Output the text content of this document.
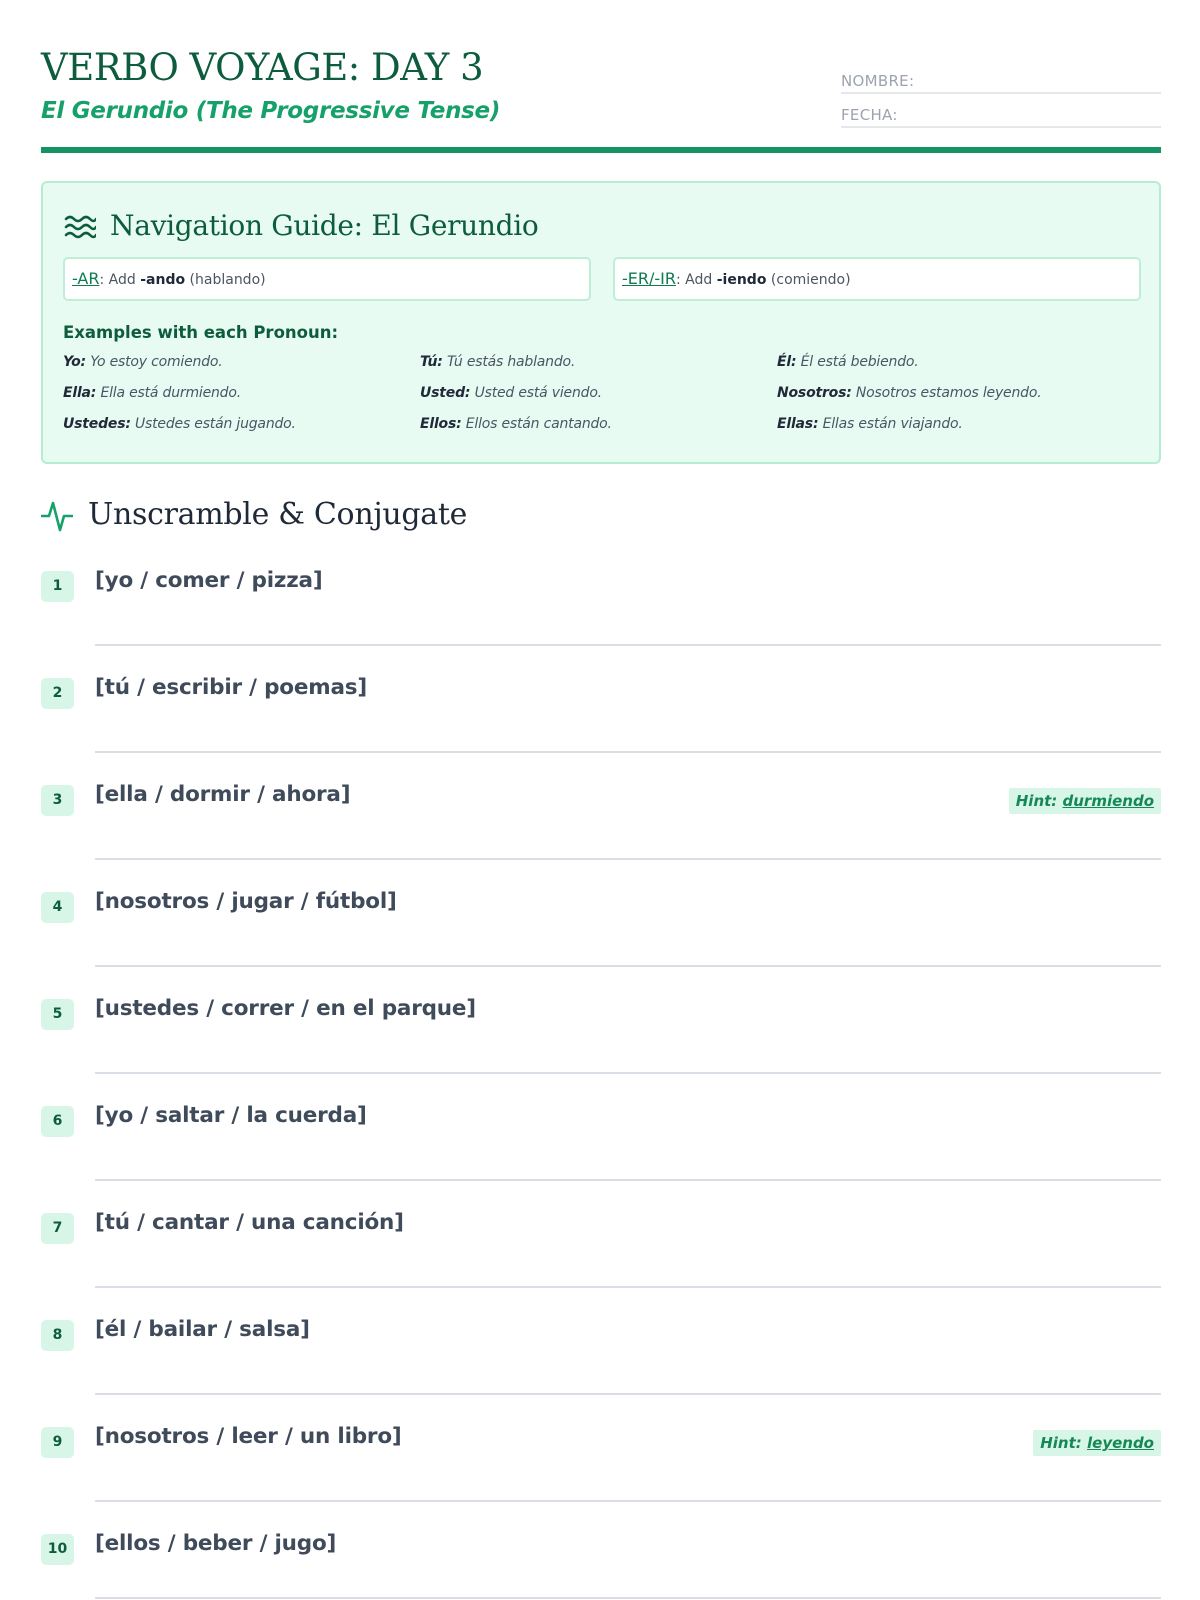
VERBO VOYAGE: DAY 3
El Gerundio (The Progressive Tense)
NOMBRE:
FECHA:
Navigation Guide: El Gerundio
-AR: Add -ando (hablando)	-ER/-IR: Add -iendo (comiendo)
Examples with each Pronoun:
Yo: Yo estoy comiendo.	Tú: Tú estás hablando.	Él: Él está bebiendo.
Ella: Ella está durmiendo.	Usted: Usted está viendo.	Nosotros: Nosotros estamos leyendo.
Ustedes: Ustedes están jugando.	Ellos: Ellos están cantando.	Ellas: Ellas están viajando.
Unscramble & Conjugate
1	[yo / comer / pizza]
2	[tú / escribir / poemas]
3	[ella / dormir / ahora]	Hint: durmiendo
4	[nosotros / jugar / fútbol]
5	[ustedes / correr / en el parque]
6	[yo / saltar / la cuerda]
7	[tú / cantar / una canción]
8	[él / bailar / salsa]
9	[nosotros / leer / un libro]	Hint: leyendo
10	[ellos / beber / jugo]
